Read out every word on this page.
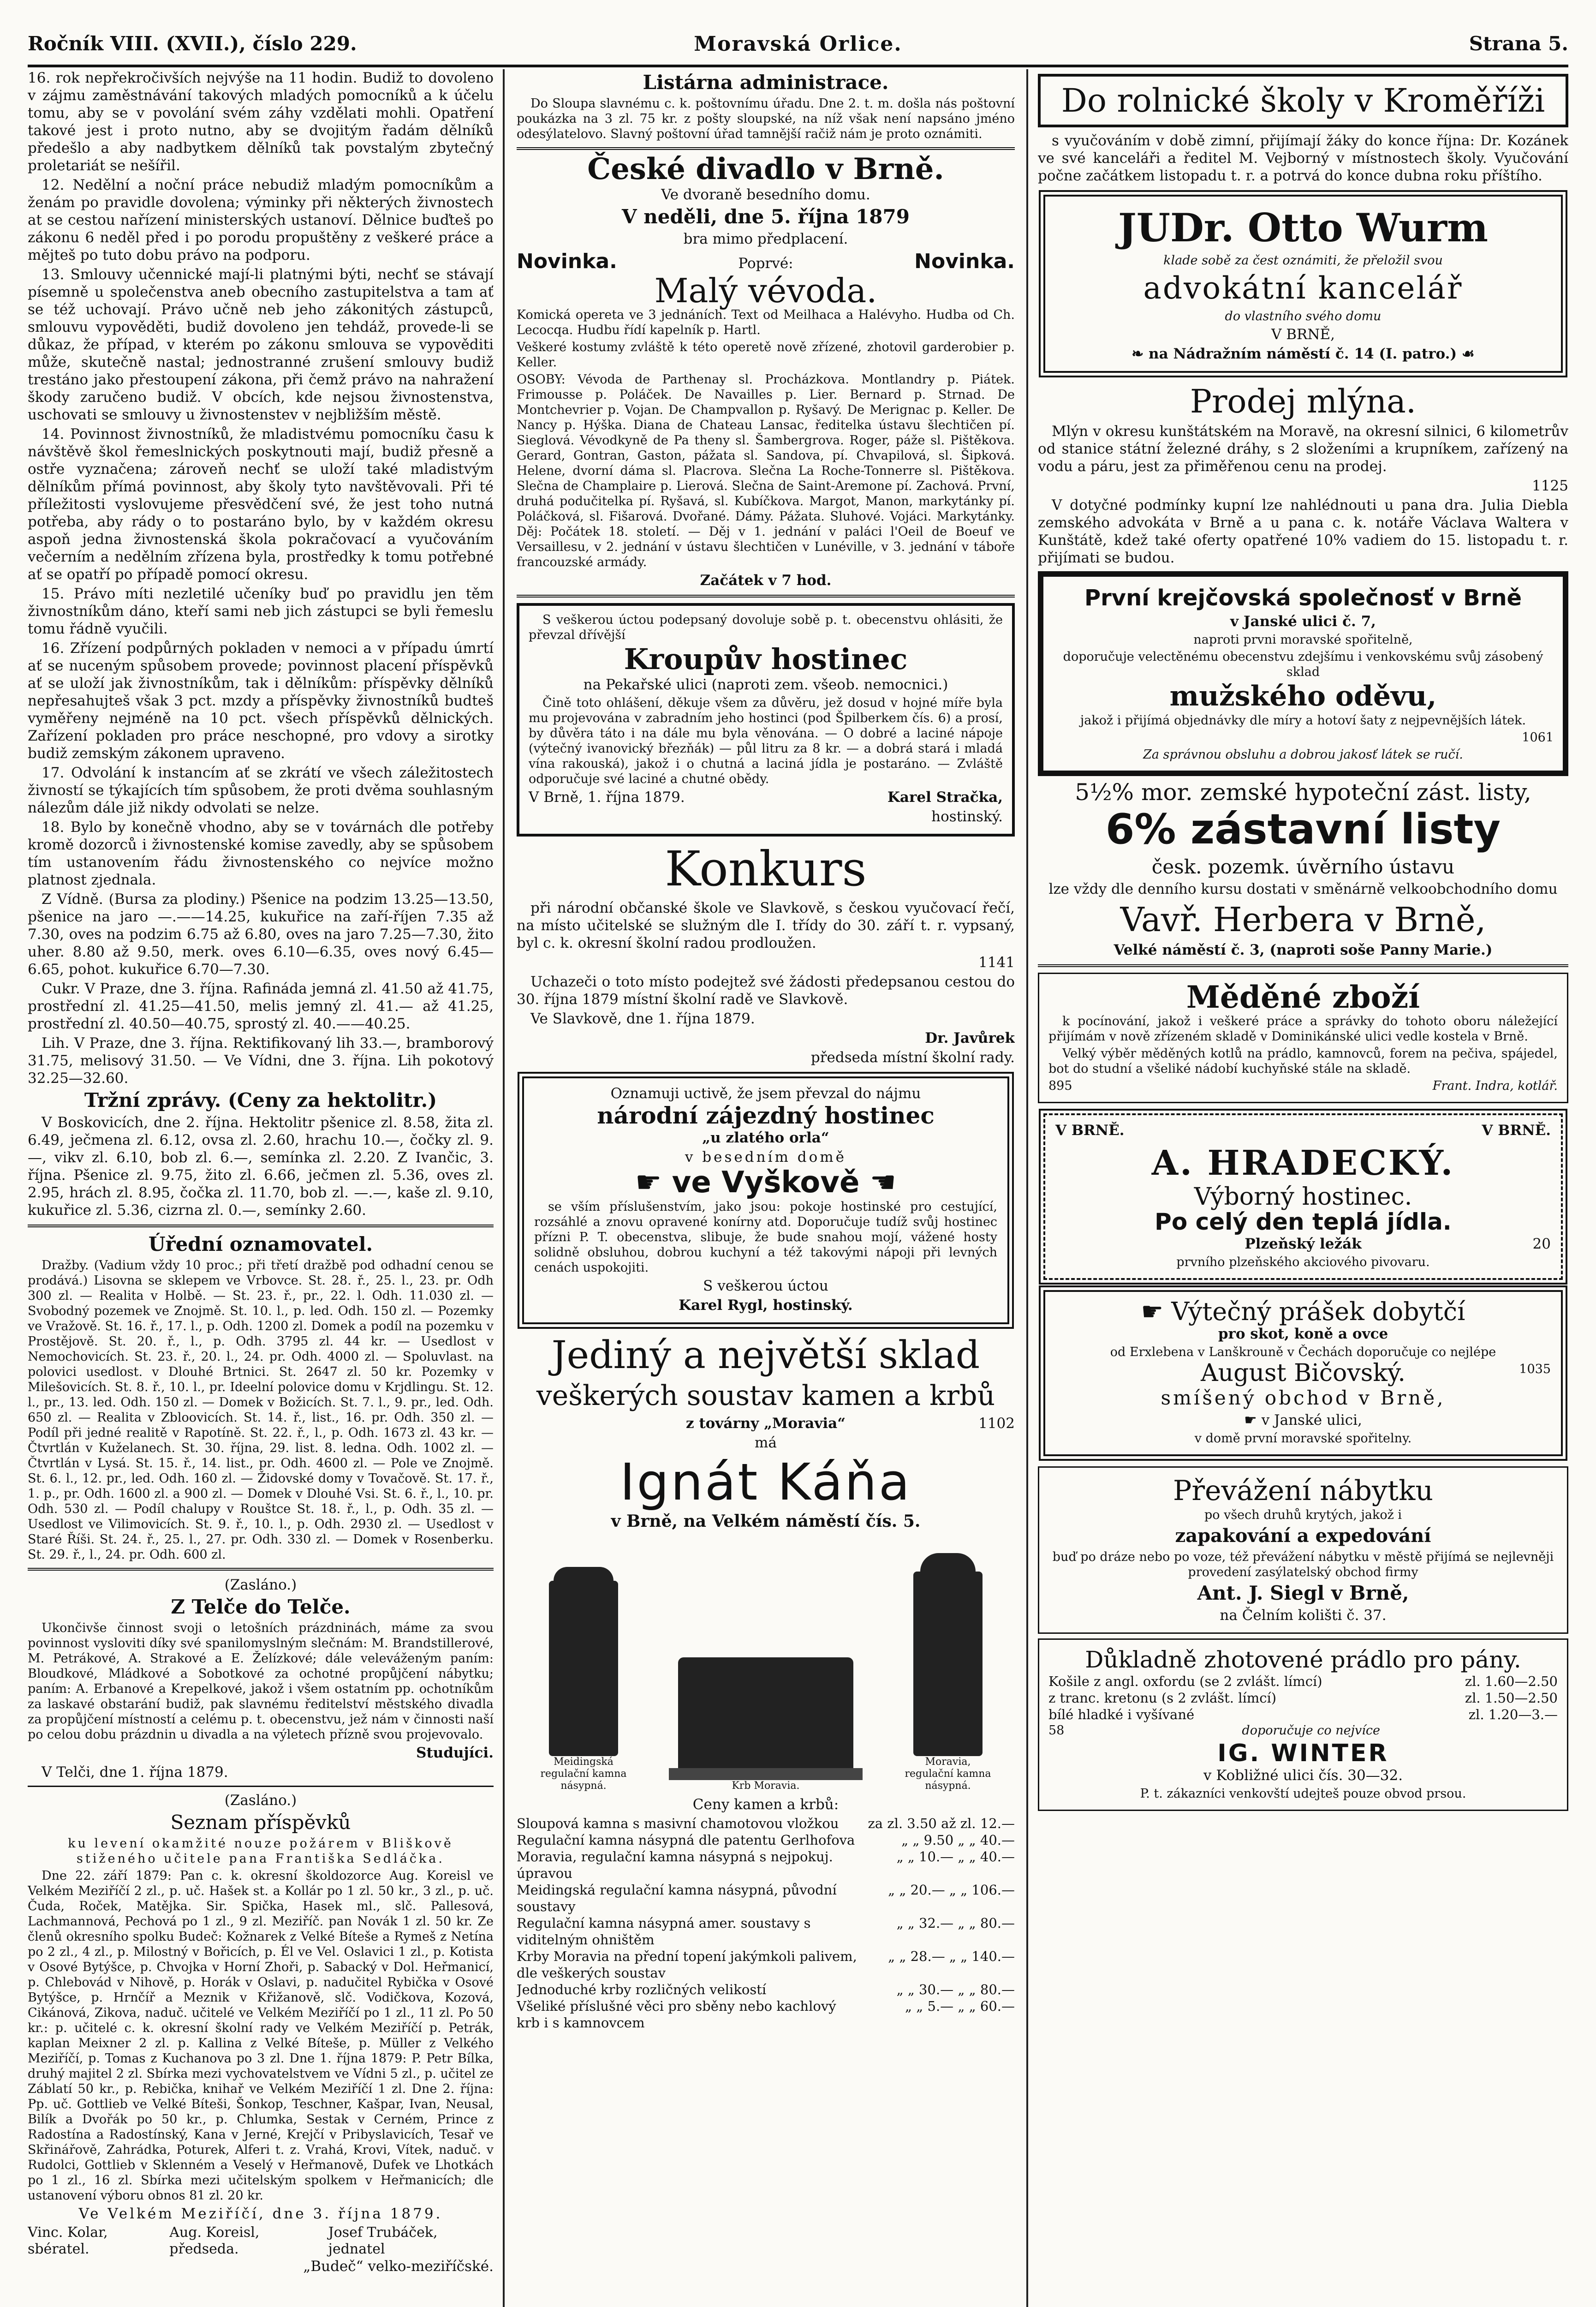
Ročník VIII. (XVII.), číslo 229.	Moravská Orlice.	Strana 5.

16. rok nepřekročivších nejvýše na 11 hodin. Budiž to dovoleno v zájmu zaměstnávání takových mladých pomocníků a k účelu tomu, aby se v povolání svém záhy vzdělati mohli. Opatření takové jest i proto nutno, aby se dvojitým řadám dělníků předešlo a aby nadbytkem dělníků tak povstalým zbytečný proletariát se nešířil.

12. Nedělní a noční práce nebudiž mladým pomocníkům a ženám po pravidle dovolena; výminky při některých živnostech at se cestou nařízení ministerských ustanoví. Dělnice buďteš po zákonu 6 neděl před i po porodu propuštěny z veškeré práce a mějteš po tuto dobu právo na podporu.

13. Smlouvy učennické mají-li platnými býti, nechť se stávají písemně u společenstva aneb obecního zastupitelstva a tam ať se též uchovají. Právo učně neb jeho zákonitých zástupců, smlouvu vypověděti, budiž dovoleno jen tehdáž, provede-li se důkaz, že případ, v kterém po zákonu smlouva se vypověditi může, skutečně nastal; jednostranné zrušení smlouvy budiž trestáno jako přestoupení zákona, při čemž právo na nahražení škody zaručeno budiž. V obcích, kde nejsou živnostenstva, uschovati se smlouvy u živnostenstev v nejbližším městě.

14. Povinnost živnostníků, že mladistvému pomocníku času k návštěvě škol řemeslnických poskytnouti mají, budiž přesně a ostře vyznačena; zároveň nechť se uloží také mladistvým dělníkům přímá povinnost, aby školy tyto navštěvovali. Při té příležitosti vyslovujeme přesvědčení své, že jest toho nutná potřeba, aby rády o to postaráno bylo, by v každém okresu aspoň jedna živnostenská škola pokračovací a vyučováním večerním a nedělním zřízena byla, prostředky k tomu potřebné ať se opatří po případě pomocí okresu.

15. Právo míti nezletilé učeníky buď po pravidlu jen těm živnostníkům dáno, kteří sami neb jich zástupci se byli řemeslu tomu řádně vyučili.

16. Zřízení podpůrných pokladen v nemoci a v případu úmrtí ať se nuceným spůsobem provede; povinnost placení příspěvků ať se uloží jak živnostníkům, tak i dělníkům: příspěvky dělníků nepřesahujteš však 3 pct. mzdy a příspěvky živnostníků budteš vyměřeny nejméně na 10 pct. všech příspěvků dělnických. Zařízení pokladen pro práce neschopné, pro vdovy a sirotky budiž zemským zákonem upraveno.

17. Odvolání k instancím ať se zkrátí ve všech záležitostech živností se týkajících tím spůsobem, že proti dvěma souhlasným nálezům dále již nikdy odvolati se nelze.

18. Bylo by konečně vhodno, aby se v továrnách dle potřeby kromě dozorců i živnostenské komise zavedly, aby se spůsobem tím ustanovením řádu živnostenského co nejvíce možno platnost zjednala.

Z Vídně. (Bursa za plodiny.) Pšenice na podzim 13.25—13.50, pšenice na jaro —.——14.25, kukuřice na zaří-říjen 7.35 až 7.30, oves na podzim 6.75 až 6.80, oves na jaro 7.25—7.30, žito uher. 8.80 až 9.50, merk. oves 6.10—6.35, oves nový 6.45—6.65, pohot. kukuřice 6.70—7.30.

Cukr. V Praze, dne 3. října. Rafináda jemná zl. 41.50 až 41.75, prostřední zl. 41.25—41.50, melis jemný zl. 41.— až 41.25, prostřední zl. 40.50—40.75, sprostý zl. 40.——40.25.

Lih. V Praze, dne 3. října. Rektifikovaný lih 33.—, bramborový 31.75, melisový 31.50. — Ve Vídni, dne 3. října. Lih pokotový 32.25—32.60.

Tržní zprávy. (Ceny za hektolitr.)

V Boskovicích, dne 2. října. Hektolitr pšenice zl. 8.58, žita zl. 6.49, ječmena zl. 6.12, ovsa zl. 2.60, hrachu 10.—, čočky zl. 9.—, vikv zl. 6.10, bob zl. 6.—, semínka zl. 2.20. Z Ivančic, 3. října. Pšenice zl. 9.75, žito zl. 6.66, ječmen zl. 5.36, oves zl. 2.95, hrách zl. 8.95, čočka zl. 11.70, bob zl. —.—, kaše zl. 9.10, kukuřice zl. 5.36, cizrna zl. 0.—, semínky 2.60.

Úřední oznamovatel.

Dražby. (Vadium vždy 10 proc.; při třetí dražbě pod odhadní cenou se prodává.) Lisovna se sklepem ve Vrbovce. St. 28. ř., 25. l., 23. pr. Odh 300 zl. — Realita v Holbě. — St. 23. ř., pr., 22. l. Odh. 11.030 zl. — Svobodný pozemek ve Znojmě. St. 10. l., p. led. Odh. 150 zl. — Pozemky ve Vražově. St. 16. ř., 17. l., p. Odh. 1200 zl. Domek a podíl na pozemku v Prostějově. St. 20. ř., l., p. Odh. 3795 zl. 44 kr. — Usedlost v Nemochovicích. St. 23. ř., 20. l., 24. pr. Odh. 4000 zl. — Spoluvlast. na polovici usedlost. v Dlouhé Brtnici. St. 2647 zl. 50 kr. Pozemky v Milešovicích. St. 8. ř., 10. l., pr. Ideelní polovice domu v Krjdlingu. St. 12. l., pr., 13. led. Odh. 150 zl. — Domek v Božicích. St. 7. l., 9. pr., led. Odh. 650 zl. — Realita v Zbloovicích. St. 14. ř., list., 16. pr. Odh. 350 zl. — Podíl při jedné realitě v Rapotíně. St. 22. ř., l., p. Odh. 1673 zl. 43 kr. — Čtvrtlán v Kuželanech. St. 30. října, 29. list. 8. ledna. Odh. 1002 zl. — Čtvrtlán v Lysá. St. 15. ř., 14. list., pr. Odh. 4600 zl. — Pole ve Znojmě. St. 6. l., 12. pr., led. Odh. 160 zl. — Židovské domy v Tovačově. St. 17. ř., 1. p., pr. Odh. 1600 zl. a 900 zl. — Domek v Dlouhé Vsi. St. 6. ř., l., 10. pr. Odh. 530 zl. — Podíl chalupy v Rouštce St. 18. ř., l., p. Odh. 35 zl. — Usedlost ve Vilimovicích. St. 9. ř., 10. l., p. Odh. 2930 zl. — Usedlost v Staré Říši. St. 24. ř., 25. l., 27. pr. Odh. 330 zl. — Domek v Rosenberku. St. 29. ř., l., 24. pr. Odh. 600 zl.

(Zasláno.)
Z Telče do Telče.

Ukončivše činnost svoji o letošních prázdninách, máme za svou povinnost vysloviti díky své spanilomyslným slečnám: M. Brandstillerové, M. Petrákové, A. Strakové a E. Želízkové; dále veleváženým paním: Bloudkové, Mládkové a Sobotkové za ochotné propůjčení nábytku; paním: A. Erbanové a Krepelkové, jakož i všem ostatním pp. ochotníkům za laskavé obstarání budiž, pak slavnému ředitelství městského divadla za propůjčení místností a celému p. t. obecenstvu, jež nám v činnosti naší po celou dobu prázdnin u divadla a na výletech přízně svou projevovalo.

Studujíci.
V Telči, dne 1. října 1879.
(Zasláno.)
Seznam příspěvků

ku levení okamžité nouze požárem v Bliškově stiženého učitele pana Františka Sedláčka.

Dne 22. září 1879: Pan c. k. okresní školdozorce Aug. Koreisl ve Velkém Meziříčí 2 zl., p. uč. Hašek st. a Kollár po 1 zl. 50 kr., 3 zl., p. uč. Čuda, Roček, Matějka. Sir. Spička, Hasek ml., slč. Pallesová, Lachmannová, Pechová po 1 zl., 9 zl. Meziříč. pan Novák 1 zl. 50 kr. Ze členů okresního spolku Budeč: Kožnarek z Velké Bíteše a Rymeš z Netína po 2 zl., 4 zl., p. Milostný v Bořicích, p. Él ve Vel. Oslavici 1 zl., p. Kotista v Osové Bytýšce, p. Chvojka v Horní Zhoři, p. Sabacký v Dol. Heřmanicí, p. Chlebovád v Nihově, p. Horák v Oslavi, p. nadučitel Rybička v Osové Bytýšce, p. Hrnčíř a Meznik v Křižanově, slč. Vodičkova, Kozová, Cikánová, Zikova, naduč. učitelé ve Velkém Meziříčí po 1 zl., 11 zl. Po 50 kr.: p. učitelé c. k. okresní školní rady ve Velkém Meziříčí p. Petrák, kaplan Meixner 2 zl. p. Kallina z Velké Bíteše, p. Müller z Velkého Meziříčí, p. Tomas z Kuchanova po 3 zl. Dne 1. října 1879: P. Petr Bílka, druhý majitel 2 zl. Sbírka mezi vychovatelstvem ve Vídni 5 zl., p. učitel ze Záblatí 50 kr., p. Rebička, knihař ve Velkém Meziříčí 1 zl. Dne 2. října: Pp. uč. Gottlieb ve Velké Bíteši, Šonkop, Teschner, Kašpar, Ivan, Neusal, Bilík a Dvořák po 50 kr., p. Chlumka, Sestak v Cerném, Prince z Radostína a Radostínský, Kana v Jerné, Krejčí v Pribyslavicích, Tesař ve Skřinářově, Zahrádka, Poturek, Alferi t. z. Vrahá, Krovi, Vítek, naduč. v Rudolci, Gottlieb v Sklenném a Veselý v Heřmanově, Dufek ve Lhotkách po 1 zl., 16 zl. Sbírka mezi učitelským spolkem v Heřmanicích; dle ustanovení výboru obnos 81 zl. 20 kr.

Ve Velkém Meziříčí, dne 3. října 1879.
Vinc. Kolar, sbératel.
Aug. Koreisl, předseda.
Josef Trubáček, jednatel
„Budeč“ velko-meziříčské.
Listárna administrace.

Do Sloupa slavnému c. k. poštovnímu úřadu. Dne 2. t. m. došla nás poštovní poukázka na 3 zl. 75 kr. z pošty sloupské, na níž však není napsáno jméno odesýlatelovo. Slavný poštovní úřad tamnější račiž nám je proto oznámiti.

České divadlo v Brně.
Ve dvoraně besedního domu.
V neděli, dne 5. října 1879
bra mimo předplacení.
Novinka.	Poprvé:	Novinka.
Malý vévoda.

Komická opereta ve 3 jednáních. Text od Meilhaca a Halévyho. Hudba od Ch. Lecocqa. Hudbu řídí kapelník p. Hartl.

Veškeré kostumy zvláště k této operetě nově zřízené, zhotovil garderobier p. Keller.

OSOBY: Vévoda de Parthenay sl. Procházkova. Montlandry p. Piátek. Frimousse p. Poláček. De Navailles p. Lier. Bernard p. Strnad. De Montchevrier p. Vojan. De Champvallon p. Ryšavý. De Merignac p. Keller. De Nancy p. Hýška. Diana de Chateau Lansac, ředitelka ústavu šlechtičen pí. Sieglová. Vévodkyně de Pa theny sl. Šambergrova. Roger, páže sl. Pištěkova. Gerard, Gontran, Gaston, pážata sl. Sandova, pí. Chvapilová, sl. Šipková. Helene, dvorní dáma sl. Placrova. Slečna La Roche-Tonnerre sl. Pištěkova. Slečna de Champlaire p. Lierová. Slečna de Saint-Aremone pí. Zachová. První, druhá podučitelka pí. Ryšavá, sl. Kubíčkova. Margot, Manon, markytánky pí. Poláčková, sl. Fišarová. Dvořané. Dámy. Pážata. Sluhové. Vojáci. Markytánky. Děj: Počátek 18. století. — Děj v 1. jednání v paláci l'Oeil de Boeuf ve Versaillesu, v 2. jednání v ústavu šlechtičen v Lunéville, v 3. jednání v táboře francouzské armády.

Začátek v 7 hod.

S veškerou úctou podepsaný dovoluje sobě p. t. obecenstvu ohlásiti, že převzal dřívější

Kroupův hostinec
na Pekařské ulici (naproti zem. všeob. nemocnici.)

Čině toto ohlášení, děkuje všem za důvěru, jež dosud v hojné míře byla mu projevována v zabradním jeho hostinci (pod Špilberkem čís. 6) a prosí, by důvěra táto i na dále mu byla věnována. — O dobré a laciné nápoje (výtečný ivanovický březňák) — půl litru za 8 kr. — a dobrá stará i mladá vína rakouská), jakož i o chutná a laciná jídla je postaráno. — Zvláště odporučuje své laciné a chutné obědy.

V Brně, 1. října 1879.	Karel Stračka,
hostinský.
Konkurs

při národní občanské škole ve Slavkově, s českou vyučovací řečí, na místo učitelské se služným dle I. třídy do 30. září t. r. vypsaný, byl c. k. okresní školní radou prodloužen.

1141

Uchazeči o toto místo podejtež své žádosti předepsanou cestou do 30. října 1879 místní školní radě ve Slavkově.

Ve Slavkově, dne 1. října 1879.
Dr. Javůrek
předseda místní školní rady.
Oznamuji uctivě, že jsem převzal do nájmu
národní zájezdný hostinec
„u zlatého orla“
v besedním domě
☛ ve Vyškově ☚

se vším příslušenstvím, jako jsou: pokoje hostinské pro cestující, rozsáhlé a znovu opravené konírny atd. Doporučuje tudíž svůj hostinec přízni P. T. obecenstva, slibuje, že bude snahou mojí, vážené hosty solidně obsluhou, dobrou kuchyní a též takovými nápoji při levných cenách uspokojiti.

S veškerou úctou
Karel Rygl, hostinský.
Jediný a největší sklad
veškerých soustav kamen a krbů
z továrny „Moravia“	1102
má
Ignát Káňa
v Brně, na Velkém náměstí čís. 5.
Meidingská regulační kamna násypná.	Krb Moravia.
Moravia, regulační kamna násypná.
Ceny kamen a krbů:
Sloupová kamna s masivní chamotovou vložkou	za zl. 3.50 až zl. 12.—
Regulační kamna násypná dle patentu Gerlhofova	„ „ 9.50 „ „ 40.—
Moravia, regulační kamna násypná s nejpokuj. úpravou
„ „ 10.— „ „ 40.—
Meidingská regulační kamna násypná, původní soustavy
„ „ 20.— „ „ 106.—
Regulační kamna násypná amer. soustavy s viditelným ohništěm
„ „ 32.— „ „ 80.—
Krby Moravia na přední topení jakýmkoli palivem, dle veškerých soustav
„ „ 28.— „ „ 140.—
Jednoduché krby rozličných velikostí	„ „ 30.— „ „ 80.—
Všeliké příslušné věci pro sběny nebo kachlový krb i s kamnovcem
„ „ 5.— „ „ 60.—
Do rolnické školy v Kroměříži

s vyučováním v době zimní, přijímají žáky do konce října: Dr. Kozánek ve své kanceláři a ředitel M. Vejborný v místnostech školy. Vyučování počne začátkem listopadu t. r. a potrvá do konce dubna roku příštího.

JUDr. Otto Wurm
klade sobě za čest oznámiti, že přeložil svou
advokátní kancelář
do vlastního svého domu
V BRNĚ,
❧ na Nádražním náměstí č. 14 (I. patro.) ☙
Prodej mlýna.

Mlýn v okresu kunštátském na Moravě, na okresní silnici, 6 kilometrův od stanice státní železné dráhy, s 2 složeními a krupníkem, zařízený na vodu a páru, jest za přiměřenou cenu na prodej.

1125

V dotyčné podmínky kupní lze nahlédnouti u pana dra. Julia Diebla zemského advokáta v Brně a u pana c. k. notáře Václava Waltera v Kunštátě, kdež také oferty opatřené 10% vadiem do 15. listopadu t. r. přijímati se budou.

První krejčovská společnosť v Brně
v Janské ulici č. 7,
naproti prvni moravské spořitelně,

doporučuje velectěnému obecenstvu zdejšímu i venkovskému svůj zásobený sklad

mužského oděvu,

jakož i přijímá objednávky dle míry a hotoví šaty z nejpevnějších látek.

1061
Za správnou obsluhu a dobrou jakosť látek se ručí.
5½% mor. zemské hypoteční zást. listy,
6% zástavní listy
česk. pozemk. úvěrního ústavu
lze vždy dle denního kursu dostati v směnárně velkoobchodního domu
Vavř. Herbera v Brně,
Velké náměstí č. 3, (naproti soše Panny Marie.)
Měděné zboží

k pocínování, jakož i veškeré práce a správky do tohoto oboru náležející přijímám v nově zřízeném skladě v Dominikánské ulici vedle kostela v Brně.

Velký výběr měděných kotlů na prádlo, kamnovců, forem na pečiva, spájedel, bot do studní a všeliké nádobí kuchyňské stále na skladě.

895	Frant. Indra, kotlář.
V BRNĚ.	V BRNĚ.
A. HRADECKÝ.
Výborný hostinec.
Po celý den teplá jídla.
Plzeňský ležák	20
prvního plzeňského akciového pivovaru.
☛ Výtečný prášek dobytčí
pro skot, koně a ovce
od Erxlebena v Lanškrouně v Čechách doporučuje co nejlépe
August Bičovský.	1035
smíšený obchod v Brně,
☛ v Janské ulici,
v domě první moravské spořitelny.
Převážení nábytku
po všech druhů krytých, jakož i
zapakování a expedování

buď po dráze nebo po voze, též převážení nábytku v městě přijímá se nejlevněji provedení zasýlatelský obchod firmy

Ant. J. Siegl v Brně,
na Čelním kolišti č. 37.
Důkladně zhotovené prádlo pro pány.
Košile z angl. oxfordu (se 2 zvlášt. límcí)	zl. 1.60—2.50
z tranc. kretonu (s 2 zvlášt. límcí)	zl. 1.50—2.50
bílé hladké i vyšívané	zl. 1.20—3.—
58	doporučuje co nejvíce
IG. WINTER
v Kobližné ulici čís. 30—32.
P. t. zákazníci venkovští udejteš pouze obvod prsou.
